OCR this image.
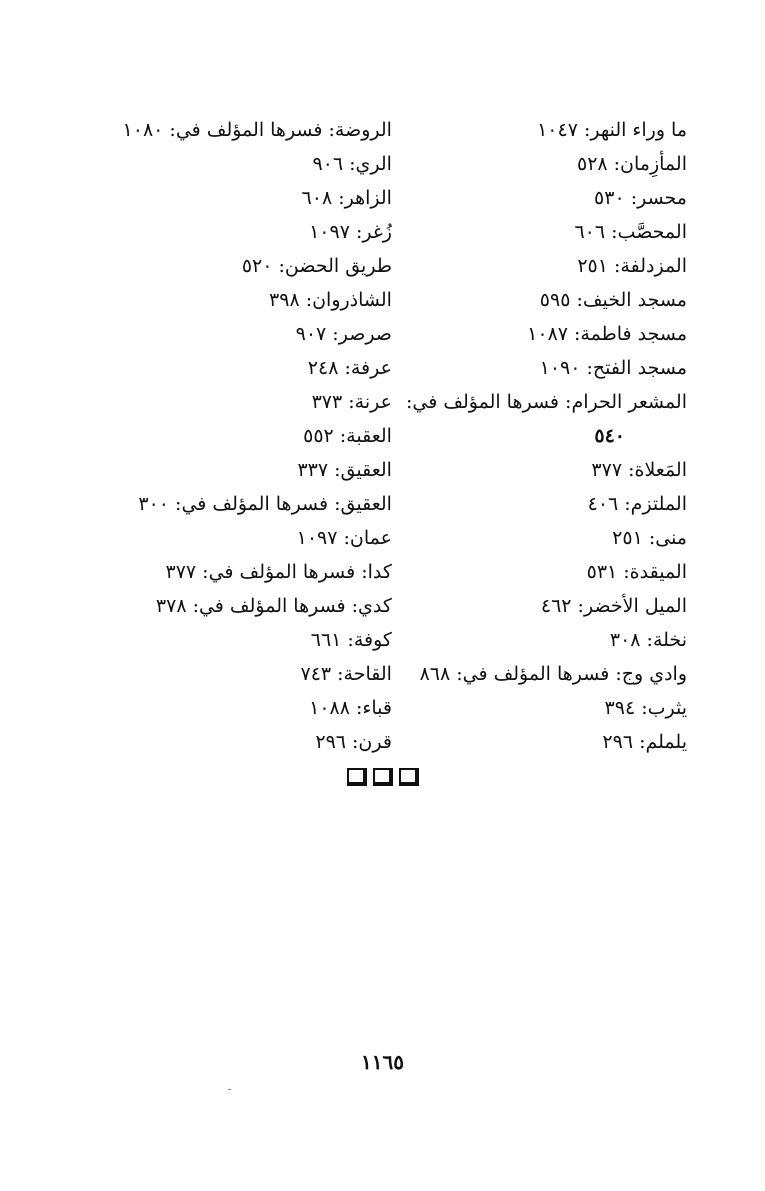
الروضة: فسرها المؤلف في: ١٠٨٠
الري: ٩٠٦
الزاهر: ٦٠٨
زُغر: ١٠٩٧
طريق الحضن: ٥٢٠
الشاذروان: ٣٩٨
صرصر: ٩٠٧
عرفة: ٢٤٨
عرنة: ٣٧٣
العقبة: ٥٥٢
العقيق: ٣٣٧
العقيق: فسرها المؤلف في: ٣٠٠
عمان: ١٠٩٧
كدا: فسرها المؤلف في: ٣٧٧
كدي: فسرها المؤلف في: ٣٧٨
كوفة: ٦٦١
القاحة: ٧٤٣
قباء: ١٠٨٨
قرن: ٢٩٦
ما وراء النهر: ١٠٤٧
المأزِمان: ٥٢٨
محسر: ٥٣٠
المحصَّب: ٦٠٦
المزدلفة: ٢٥١
مسجد الخيف: ٥٩٥
مسجد فاطمة: ١٠٨٧
مسجد الفتح: ١٠٩٠
المشعر الحرام: فسرها المؤلف في:
٥٤٠
المَعلاة: ٣٧٧
الملتزم: ٤٠٦
منى: ٢٥١
الميقدة: ٥٣١
الميل الأخضر: ٤٦٢
نخلة: ٣٠٨
وادي وج: فسرها المؤلف في: ٨٦٨
يثرب: ٣٩٤
يلملم: ٢٩٦
١١٦٥
